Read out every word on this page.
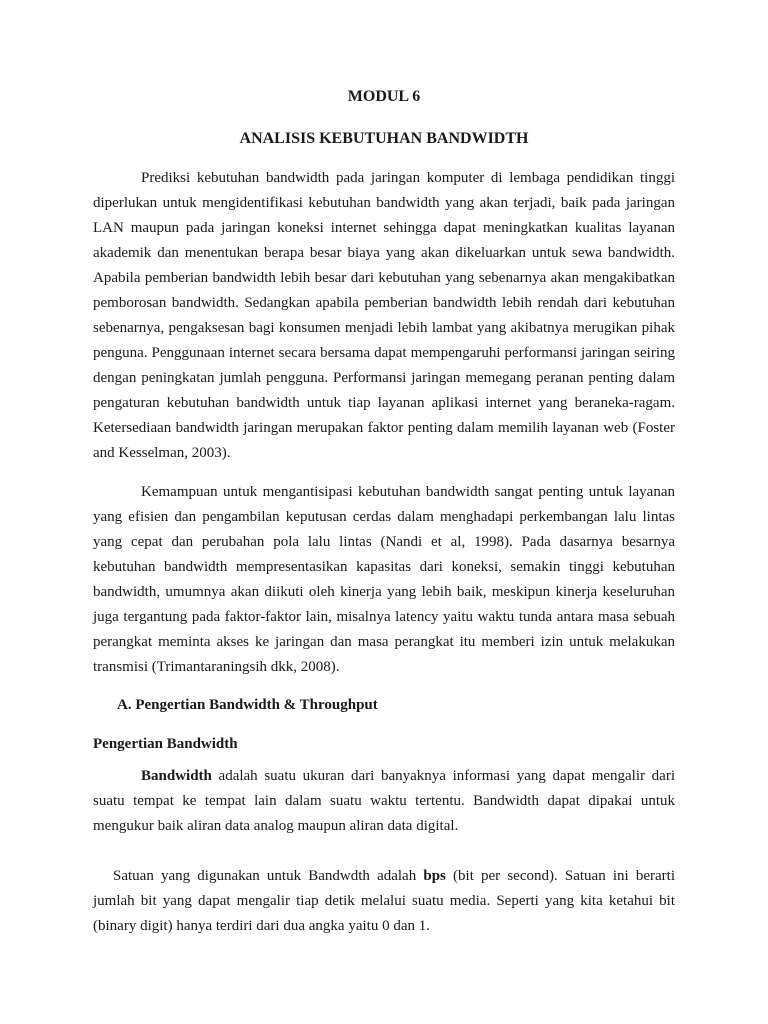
MODUL 6
ANALISIS KEBUTUHAN BANDWIDTH

Prediksi kebutuhan bandwidth pada jaringan komputer di lembaga pendidikan tinggi diperlukan untuk mengidentifikasi kebutuhan bandwidth yang akan terjadi, baik pada jaringan LAN maupun pada jaringan koneksi internet sehingga dapat meningkatkan kualitas layanan akademik dan menentukan berapa besar biaya yang akan dikeluarkan untuk sewa bandwidth. Apabila pemberian bandwidth lebih besar dari kebutuhan yang sebenarnya akan mengakibatkan pemborosan bandwidth. Sedangkan apabila pemberian bandwidth lebih rendah dari kebutuhan sebenarnya, pengaksesan bagi konsumen menjadi lebih lambat yang akibatnya merugikan pihak penguna. Penggunaan internet secara bersama dapat mempengaruhi performansi jaringan seiring dengan peningkatan jumlah pengguna. Performansi jaringan memegang peranan penting dalam pengaturan kebutuhan bandwidth untuk tiap layanan aplikasi internet yang beraneka-ragam. Ketersediaan bandwidth jaringan merupakan faktor penting dalam memilih layanan web (Foster and Kesselman, 2003).

Kemampuan untuk mengantisipasi kebutuhan bandwidth sangat penting untuk layanan yang efisien dan pengambilan keputusan cerdas dalam menghadapi perkembangan lalu lintas yang cepat dan perubahan pola lalu lintas (Nandi et al, 1998). Pada dasarnya besarnya kebutuhan bandwidth mempresentasikan kapasitas dari koneksi, semakin tinggi kebutuhan bandwidth, umumnya akan diikuti oleh kinerja yang lebih baik, meskipun kinerja keseluruhan juga tergantung pada faktor-faktor lain, misalnya latency yaitu waktu tunda antara masa sebuah perangkat meminta akses ke jaringan dan masa perangkat itu memberi izin untuk melakukan transmisi (Trimantaraningsih dkk, 2008).

A. Pengertian Bandwidth & Throughput
Pengertian Bandwidth

Bandwidth adalah suatu ukuran dari banyaknya informasi yang dapat mengalir dari suatu tempat ke tempat lain dalam suatu waktu tertentu. Bandwidth dapat dipakai untuk mengukur baik aliran data analog maupun aliran data digital.

Satuan yang digunakan untuk Bandwdth adalah bps (bit per second). Satuan ini berarti jumlah bit yang dapat mengalir tiap detik melalui suatu media. Seperti yang kita ketahui bit (binary digit) hanya terdiri dari dua angka yaitu 0 dan 1.
